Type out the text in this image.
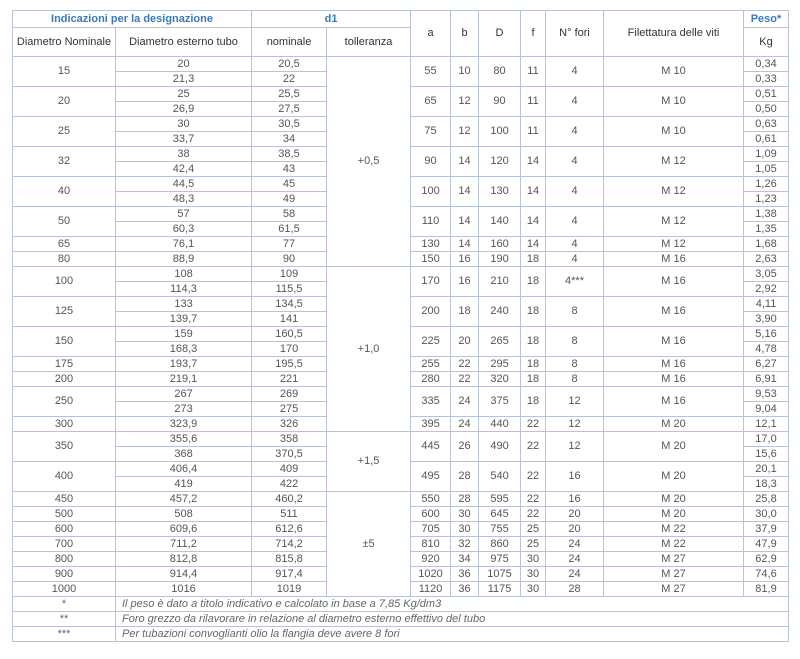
Indicazioni per la designazione		d1		a	b	D	f	N° fori	Filettatura delle viti	Peso*
Diametro Nominale	Diametro esterno tubo	nominale	tolleranza							Kg
15	20	20,5	+0,5	55	10	80	11	4	M 10	0,34
	21,3	22								0,33
20	25	25,5		65	12	90	11	4	M 10	0,51
	26,9	27,5								0,50
25	30	30,5		75	12	100	11	4	M 10	0,63
	33,7	34								0,61
32	38	38,5		90	14	120	14	4	M 12	1,09
	42,4	43								1,05
40	44,5	45		100	14	130	14	4	M 12	1,26
	48,3	49								1,23
50	57	58		110	14	140	14	4	M 12	1,38
	60,3	61,5								1,35
65	76,1	77		130	14	160	14	4	M 12	1,68
80	88,9	90		150	16	190	18	4	M 16	2,63
100	108	109	+1,0	170	16	210	18	4***	M 16	3,05
	114,3	115,5								2,92
125	133	134,5		200	18	240	18	8	M 16	4,11
	139,7	141								3,90
150	159	160,5		225	20	265	18	8	M 16	5,16
	168,3	170								4,78
175	193,7	195,5		255	22	295	18	8	M 16	6,27
200	219,1	221		280	22	320	18	8	M 16	6,91
250	267	269		335	24	375	18	12	M 16	9,53
	273	275								9,04
300	323,9	326		395	24	440	22	12	M 20	12,1
350	355,6	358	+1,5	445	26	490	22	12	M 20	17,0
	368	370,5								15,6
400	406,4	409		495	28	540	22	16	M 20	20,1
	419	422								18,3
450	457,2	460,2	±5	550	28	595	22	16	M 20	25,8
500	508	511		600	30	645	22	20	M 20	30,0
600	609,6	612,6		705	30	755	25	20	M 22	37,9
700	711,2	714,2		810	32	860	25	24	M 22	47,9
800	812,8	815,8		920	34	975	30	24	M 27	62,9
900	914,4	917,4		1020	36	1075	30	24	M 27	74,6
1000	1016	1019		1120	36	1175	30	28	M 27	81,9
*	Il peso è dato a titolo indicativo e calcolato in base a 7,85 Kg/dm3									
**	Foro grezzo da rilavorare in relazione al diametro esterno effettivo del tubo									
***	Per tubazioni convoglianti olio la flangia deve avere 8 fori									
